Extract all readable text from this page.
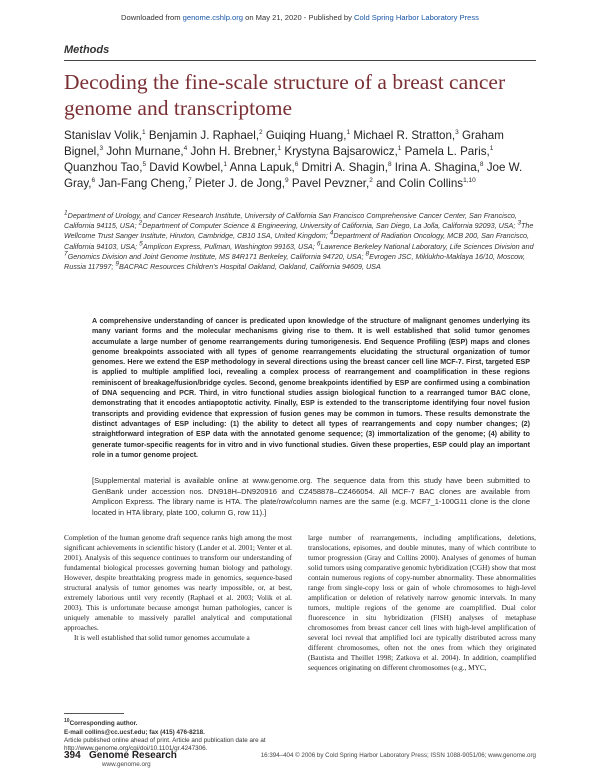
Downloaded from genome.cshlp.org on May 21, 2020 - Published by Cold Spring Harbor Laboratory Press
Methods
Decoding the fine-scale structure of a breast cancer genome and transcriptome
Stanislav Volik,$^1$ Benjamin J. Raphael,$^2$ Guiqing Huang,$^1$ Michael R. Stratton,$^3$ Graham Bignel,$^3$ John Murnane,$^4$ John H. Brebner,$^1$ Krystyna Bajsarowicz,$^1$ Pamela L. Paris,$^1$ Quanzhou Tao,$^5$ David Kowbel,$^1$ Anna Lapuk,$^6$ Dmitri A. Shagin,$^8$ Irina A. Shagina,$^8$ Joe W. Gray,$^6$ Jan-Fang Cheng,$^7$ Pieter J. de Jong,$^9$ Pavel Pevzner,$^2$ and Colin Collins$^{1,10}$
$^1$Department of Urology, and Cancer Research Institute, University of California San Francisco Comprehensive Cancer Center, San Francisco, California 94115, USA; $^2$Department of Computer Science & Engineering, University of California, San Diego, La Jolla, California 92093, USA; $^3$The Wellcome Trust Sanger Institute, Hinxton, Cambridge, CB10 1SA, United Kingdom; $^4$Department of Radiation Oncology, MCB 200, San Francisco, California 94103, USA; $^5$Amplicon Express, Pullman, Washington 99163, USA; $^6$Lawrence Berkeley National Laboratory, Life Sciences Division and $^7$Genomics Division and Joint Genome Institute, MS 84R171 Berkeley, California 94720, USA; $^8$Evrogen JSC, Miklukho-Maklaya 16/10, Moscow, Russia 117997; $^9$BACPAC Resources Children's Hospital Oakland, Oakland, California 94609, USA
A comprehensive understanding of cancer is predicated upon knowledge of the structure of malignant genomes underlying its many variant forms and the molecular mechanisms giving rise to them. It is well established that solid tumor genomes accumulate a large number of genome rearrangements during tumorigenesis. End Sequence Profiling (ESP) maps and clones genome breakpoints associated with all types of genome rearrangements elucidating the structural organization of tumor genomes. Here we extend the ESP methodology in several directions using the breast cancer cell line MCF-7. First, targeted ESP is applied to multiple amplified loci, revealing a complex process of rearrangement and coamplification in these regions reminiscent of breakage/fusion/bridge cycles. Second, genome breakpoints identified by ESP are confirmed using a combination of DNA sequencing and PCR. Third, in vitro functional studies assign biological function to a rearranged tumor BAC clone, demonstrating that it encodes antiapoptotic activity. Finally, ESP is extended to the transcriptome identifying four novel fusion transcripts and providing evidence that expression of fusion genes may be common in tumors. These results demonstrate the distinct advantages of ESP including: (1) the ability to detect all types of rearrangements and copy number changes; (2) straightforward integration of ESP data with the annotated genome sequence; (3) immortalization of the genome; (4) ability to generate tumor-specific reagents for in vitro and in vivo functional studies. Given these properties, ESP could play an important role in a tumor genome project.
[Supplemental material is available online at www.genome.org. The sequence data from this study have been submitted to GenBank under accession nos. DN918H–DN920916 and CZ458878–CZ466054. All MCF-7 BAC clones are available from Amplicon Express. The library name is HTA. The plate/row/column names are the same (e.g. MCF7_1-100G11 clone is the clone located in HTA library, plate 100, column G, row 11).]

Completion of the human genome draft sequence ranks high among the most significant achievements in scientific history (Lander et al. 2001; Venter et al. 2001). Analysis of this sequence continues to transform our understanding of fundamental biological processes governing human biology and pathology. However, despite breathtaking progress made in genomics, sequence-based structural analysis of tumor genomes was nearly impossible, or, at best, extremely laborious until very recently (Raphael et al. 2003; Volik et al. 2003). This is unfortunate because amongst human pathologies, cancer is uniquely amenable to massively parallel analytical and computational approaches.

It is well established that solid tumor genomes accumulate a

large number of rearrangements, including amplifications, deletions, translocations, episomes, and double minutes, many of which contribute to tumor progression (Gray and Collins 2000). Analyses of genomes of human solid tumors using comparative genomic hybridization (CGH) show that most contain numerous regions of copy-number abnormality. These abnormalities range from single-copy loss or gain of whole chromosomes to high-level amplification or deletion of relatively narrow genomic intervals. In many tumors, multiple regions of the genome are coamplified. Dual color fluorescence in situ hybridization (FISH) analyses of metaphase chromosomes from breast cancer cell lines with high-level amplification of several loci reveal that amplified loci are typically distributed across many different chromosomes, often not the ones from which they originated (Bautista and Theillet 1998; Zatkova et al. 2004). In addition, coamplified sequences originating on different chromosomes (e.g., MYC,

$^{10}$Corresponding author.
E-mail collins@cc.ucsf.edu; fax (415) 476-8218.
Article published online ahead of print. Article and publication date are at http://www.genome.org/cgi/doi/10.1101/gr.4247306.
394 Genome Research
www.genome.org
16:394–404 © 2006 by Cold Spring Harbor Laboratory Press; ISSN 1088-9051/06; www.genome.org
